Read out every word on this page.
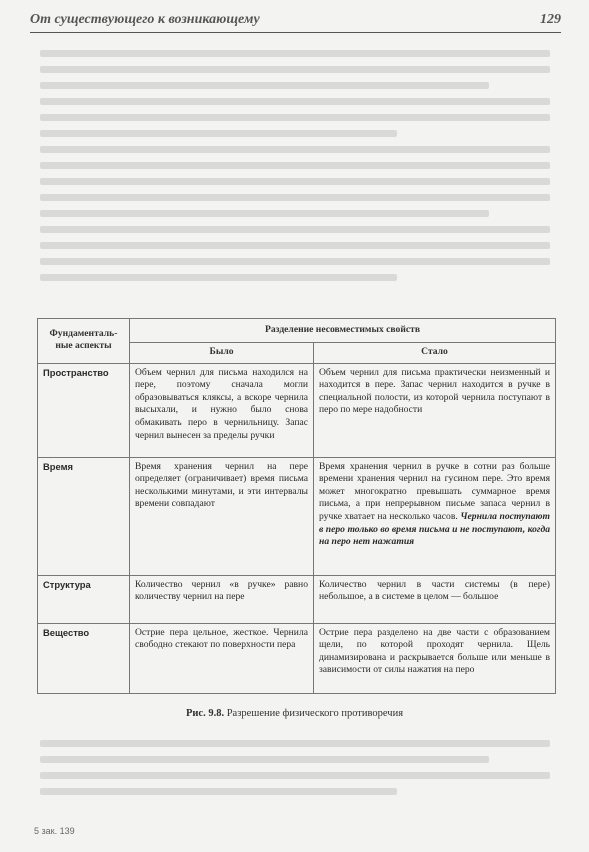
От существующего к возникающему	129
Фундаменталь-ные аспекты	Разделение несовместимых свойств	
	Было	Стало
Пространство	Объем чернил для письма находился на пере, поэтому сначала могли образовываться кляксы, а вскоре чернила высыхали, и нужно было снова обмакивать перо в чернильницу. Запас чернил вынесен за пределы ручки	Объем чернил для письма практически неизменный и находится в пере. Запас чернил находится в ручке в специальной полости, из которой чернила поступают в перо по мере надобности
Время	Время хранения чернил на пере определяет (ограничивает) время письма несколькими минутами, и эти интервалы времени совпадают	Время хранения чернил в ручке в сотни раз больше времени хранения чернил на гусином пере. Это время может многократно превышать суммарное время письма, а при непрерывном письме запаса чернил в ручке хватает на несколько часов. Чернила поступают в перо только во время письма и не поступают, когда на перо нет нажатия
Структура	Количество чернил «в ручке» равно количеству чернил на пере	Количество чернил в части системы (в пере) небольшое, а в системе в целом — большое
Вещество	Острие пера цельное, жесткое. Чернила свободно стекают по поверхности пера	Острие пера разделено на две части с образованием щели, по которой проходят чернила. Щель динамизирована и раскрывается больше или меньше в зависимости от силы нажатия на перо
Рис. 9.8. Разрешение физического противоречия
5 зак. 139
